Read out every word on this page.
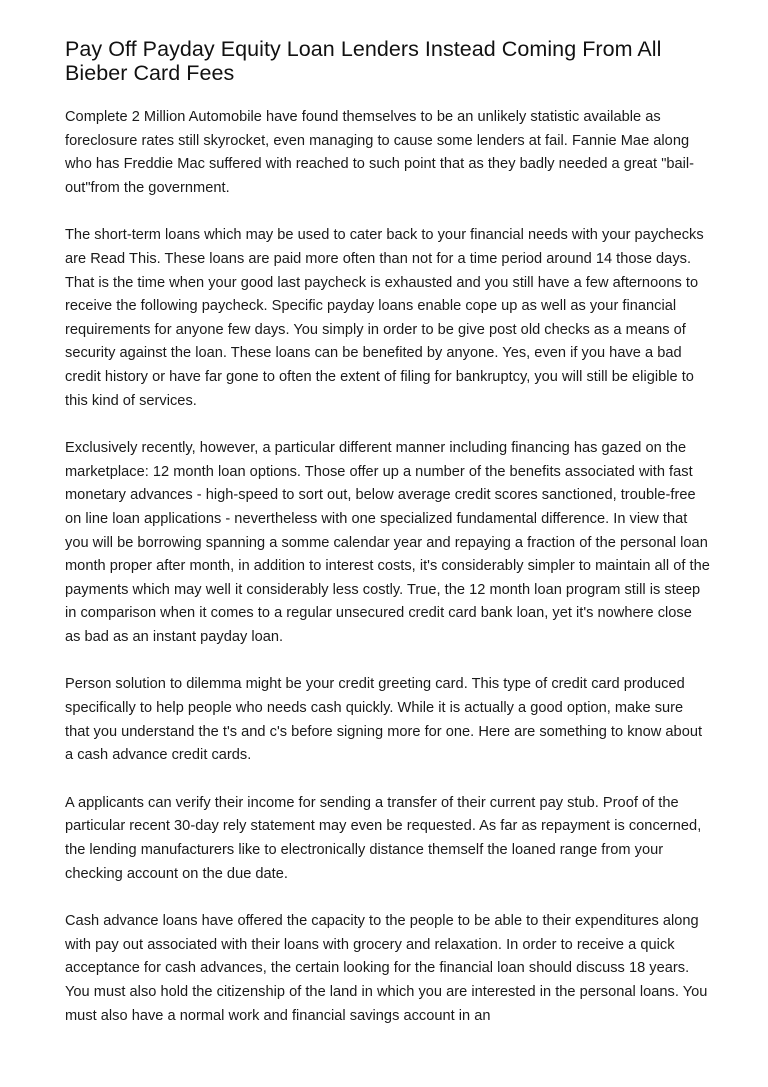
Pay Off Payday Equity Loan Lenders Instead Coming From All Bieber Card Fees

Complete 2 Million Automobile have found themselves to be an unlikely statistic available as foreclosure rates still skyrocket, even managing to cause some lenders at fail. Fannie Mae along who has Freddie Mac suffered with reached to such point that as they badly needed a great "bail-out"from the government.

The short-term loans which may be used to cater back to your financial needs with your paychecks are Read This. These loans are paid more often than not for a time period around 14 those days. That is the time when your good last paycheck is exhausted and you still have a few afternoons to receive the following paycheck. Specific payday loans enable cope up as well as your financial requirements for anyone few days. You simply in order to be give post old checks as a means of security against the loan. These loans can be benefited by anyone. Yes, even if you have a bad credit history or have far gone to often the extent of filing for bankruptcy, you will still be eligible to this kind of services.

Exclusively recently, however, a particular different manner including financing has gazed on the marketplace: 12 month loan options. Those offer up a number of the benefits associated with fast monetary advances - high-speed to sort out, below average credit scores sanctioned, trouble-free on line loan applications - nevertheless with one specialized fundamental difference. In view that you will be borrowing spanning a somme calendar year and repaying a fraction of the personal loan month proper after month, in addition to interest costs, it's considerably simpler to maintain all of the payments which may well it considerably less costly. True, the 12 month loan program still is steep in comparison when it comes to a regular unsecured credit card bank loan, yet it's nowhere close as bad as an instant payday loan.

Person solution to dilemma might be your credit greeting card. This type of credit card produced specifically to help people who needs cash quickly. While it is actually a good option, make sure that you understand the t's and c's before signing more for one. Here are something to know about a cash advance credit cards.

A applicants can verify their income for sending a transfer of their current pay stub. Proof of the particular recent 30-day rely statement may even be requested. As far as repayment is concerned, the lending manufacturers like to electronically distance themself the loaned range from your checking account on the due date.

Cash advance loans have offered the capacity to the people to be able to their expenditures along with pay out associated with their loans with grocery and relaxation. In order to receive a quick acceptance for cash advances, the certain looking for the financial loan should discuss 18 years. You must also hold the citizenship of the land in which you are interested in the personal loans. You must also have a normal work and financial savings account in an
